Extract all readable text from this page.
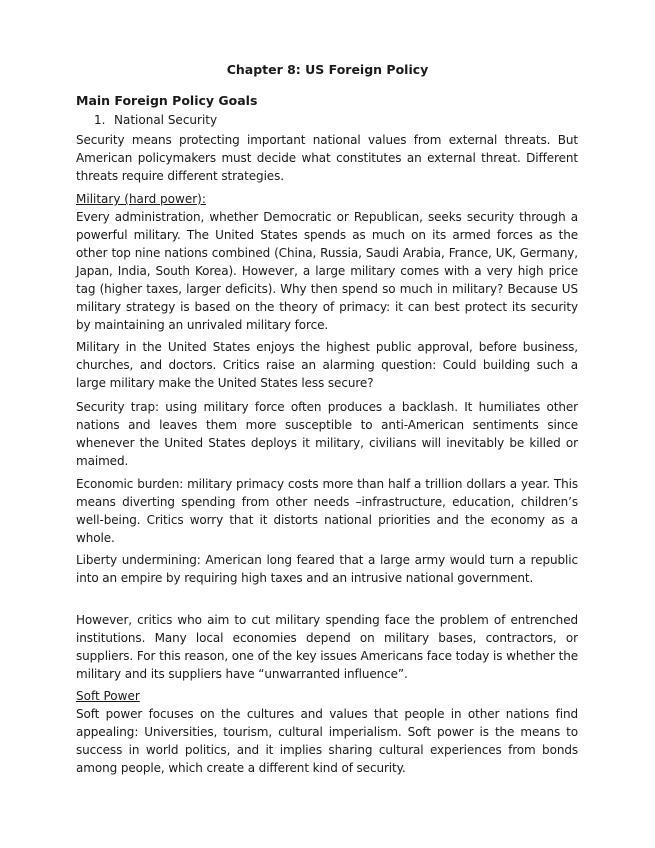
Chapter 8: US Foreign Policy
Main Foreign Policy Goals
1. National Security

Security means protecting important national values from external threats. But American policymakers must decide what constitutes an external threat. Different threats require different strategies.

Military (hard power):

Every administration, whether Democratic or Republican, seeks security through a powerful military. The United States spends as much on its armed forces as the other top nine nations combined (China, Russia, Saudi Arabia, France, UK, Germany, Japan, India, South Korea). However, a large military comes with a very high price tag (higher taxes, larger deficits). Why then spend so much in military? Because US military strategy is based on the theory of primacy: it can best protect its security by maintaining an unrivaled military force.

Military in the United States enjoys the highest public approval, before business, churches, and doctors. Critics raise an alarming question: Could building such a large military make the United States less secure?

Security trap: using military force often produces a backlash. It humiliates other nations and leaves them more susceptible to anti-American sentiments since whenever the United States deploys it military, civilians will inevitably be killed or maimed.

Economic burden: military primacy costs more than half a trillion dollars a year. This means diverting spending from other needs –infrastructure, education, children’s well-being. Critics worry that it distorts national priorities and the economy as a whole.

Liberty undermining: American long feared that a large army would turn a republic into an empire by requiring high taxes and an intrusive national government.

However, critics who aim to cut military spending face the problem of entrenched institutions. Many local economies depend on military bases, contractors, or suppliers. For this reason, one of the key issues Americans face today is whether the military and its suppliers have “unwarranted influence”.

Soft Power

Soft power focuses on the cultures and values that people in other nations find appealing: Universities, tourism, cultural imperialism. Soft power is the means to success in world politics, and it implies sharing cultural experiences from bonds among people, which create a different kind of security.
